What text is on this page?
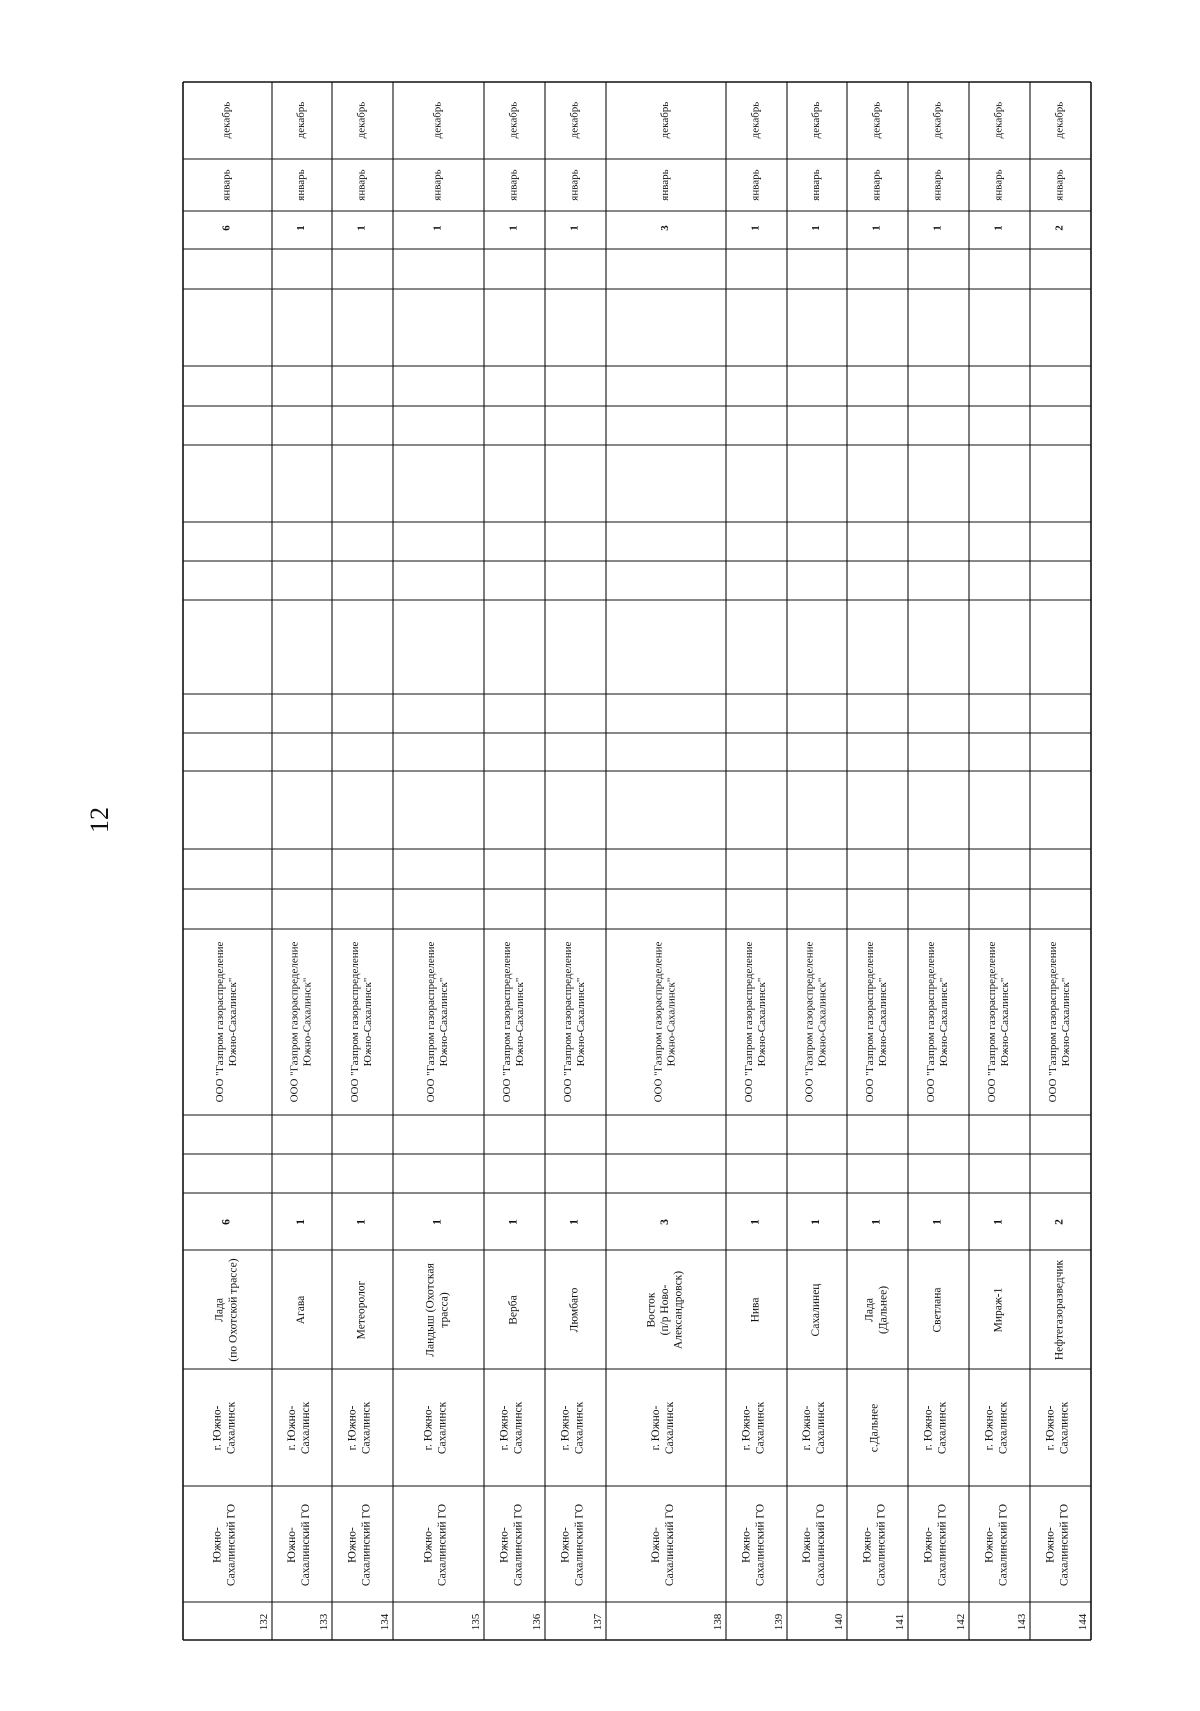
12
132
Южно- Сахалинский ГО
г. Южно- Сахалинск
Лада (по Охотской трассе)
6
ООО "Газпром газораспределениеЮжно-Сахалинск"
6
январь
декабрь
133
Южно- Сахалинский ГО
г. Южно- Сахалинск
Агава
1
ООО "Газпром газораспределениеЮжно-Сахалинск"
1
январь
декабрь
134
Южно- Сахалинский ГО
г. Южно- Сахалинск
Метеоролог
1
ООО "Газпром газораспределениеЮжно-Сахалинск"
1
январь
декабрь
135
Южно- Сахалинский ГО
г. Южно- Сахалинск
Ландыш (Охотская трасса)
1
ООО "Газпром газораспределениеЮжно-Сахалинск"
1
январь
декабрь
136
Южно- Сахалинский ГО
г. Южно- Сахалинск
Верба
1
ООО "Газпром газораспределениеЮжно-Сахалинск"
1
январь
декабрь
137
Южно- Сахалинский ГО
г. Южно- Сахалинск
Люмбаго
1
ООО "Газпром газораспределениеЮжно-Сахалинск"
1
январь
декабрь
138
Южно- Сахалинский ГО
г. Южно- Сахалинск
Восток (п/р Ново- Александровск)
3
ООО "Газпром газораспределениеЮжно-Сахалинск"
3
январь
декабрь
139
Южно- Сахалинский ГО
г. Южно- Сахалинск
Нива
1
ООО "Газпром газораспределениеЮжно-Сахалинск"
1
январь
декабрь
140
Южно- Сахалинский ГО
г. Южно- Сахалинск
Сахалинец
1
ООО "Газпром газораспределениеЮжно-Сахалинск"
1
январь
декабрь
141
Южно- Сахалинский ГО
с.Дальнее
Лада (Дальнее)
1
ООО "Газпром газораспределениеЮжно-Сахалинск"
1
январь
декабрь
142
Южно- Сахалинский ГО
г. Южно- Сахалинск
Светлана
1
ООО "Газпром газораспределениеЮжно-Сахалинск"
1
январь
декабрь
143
Южно- Сахалинский ГО
г. Южно- Сахалинск
Мираж-1
1
ООО "Газпром газораспределениеЮжно-Сахалинск"
1
январь
декабрь
144
Южно- Сахалинский ГО
г. Южно- Сахалинск
Нефтегазоразведчик
2
ООО "Газпром газораспределениеЮжно-Сахалинск"
2
январь
декабрь
